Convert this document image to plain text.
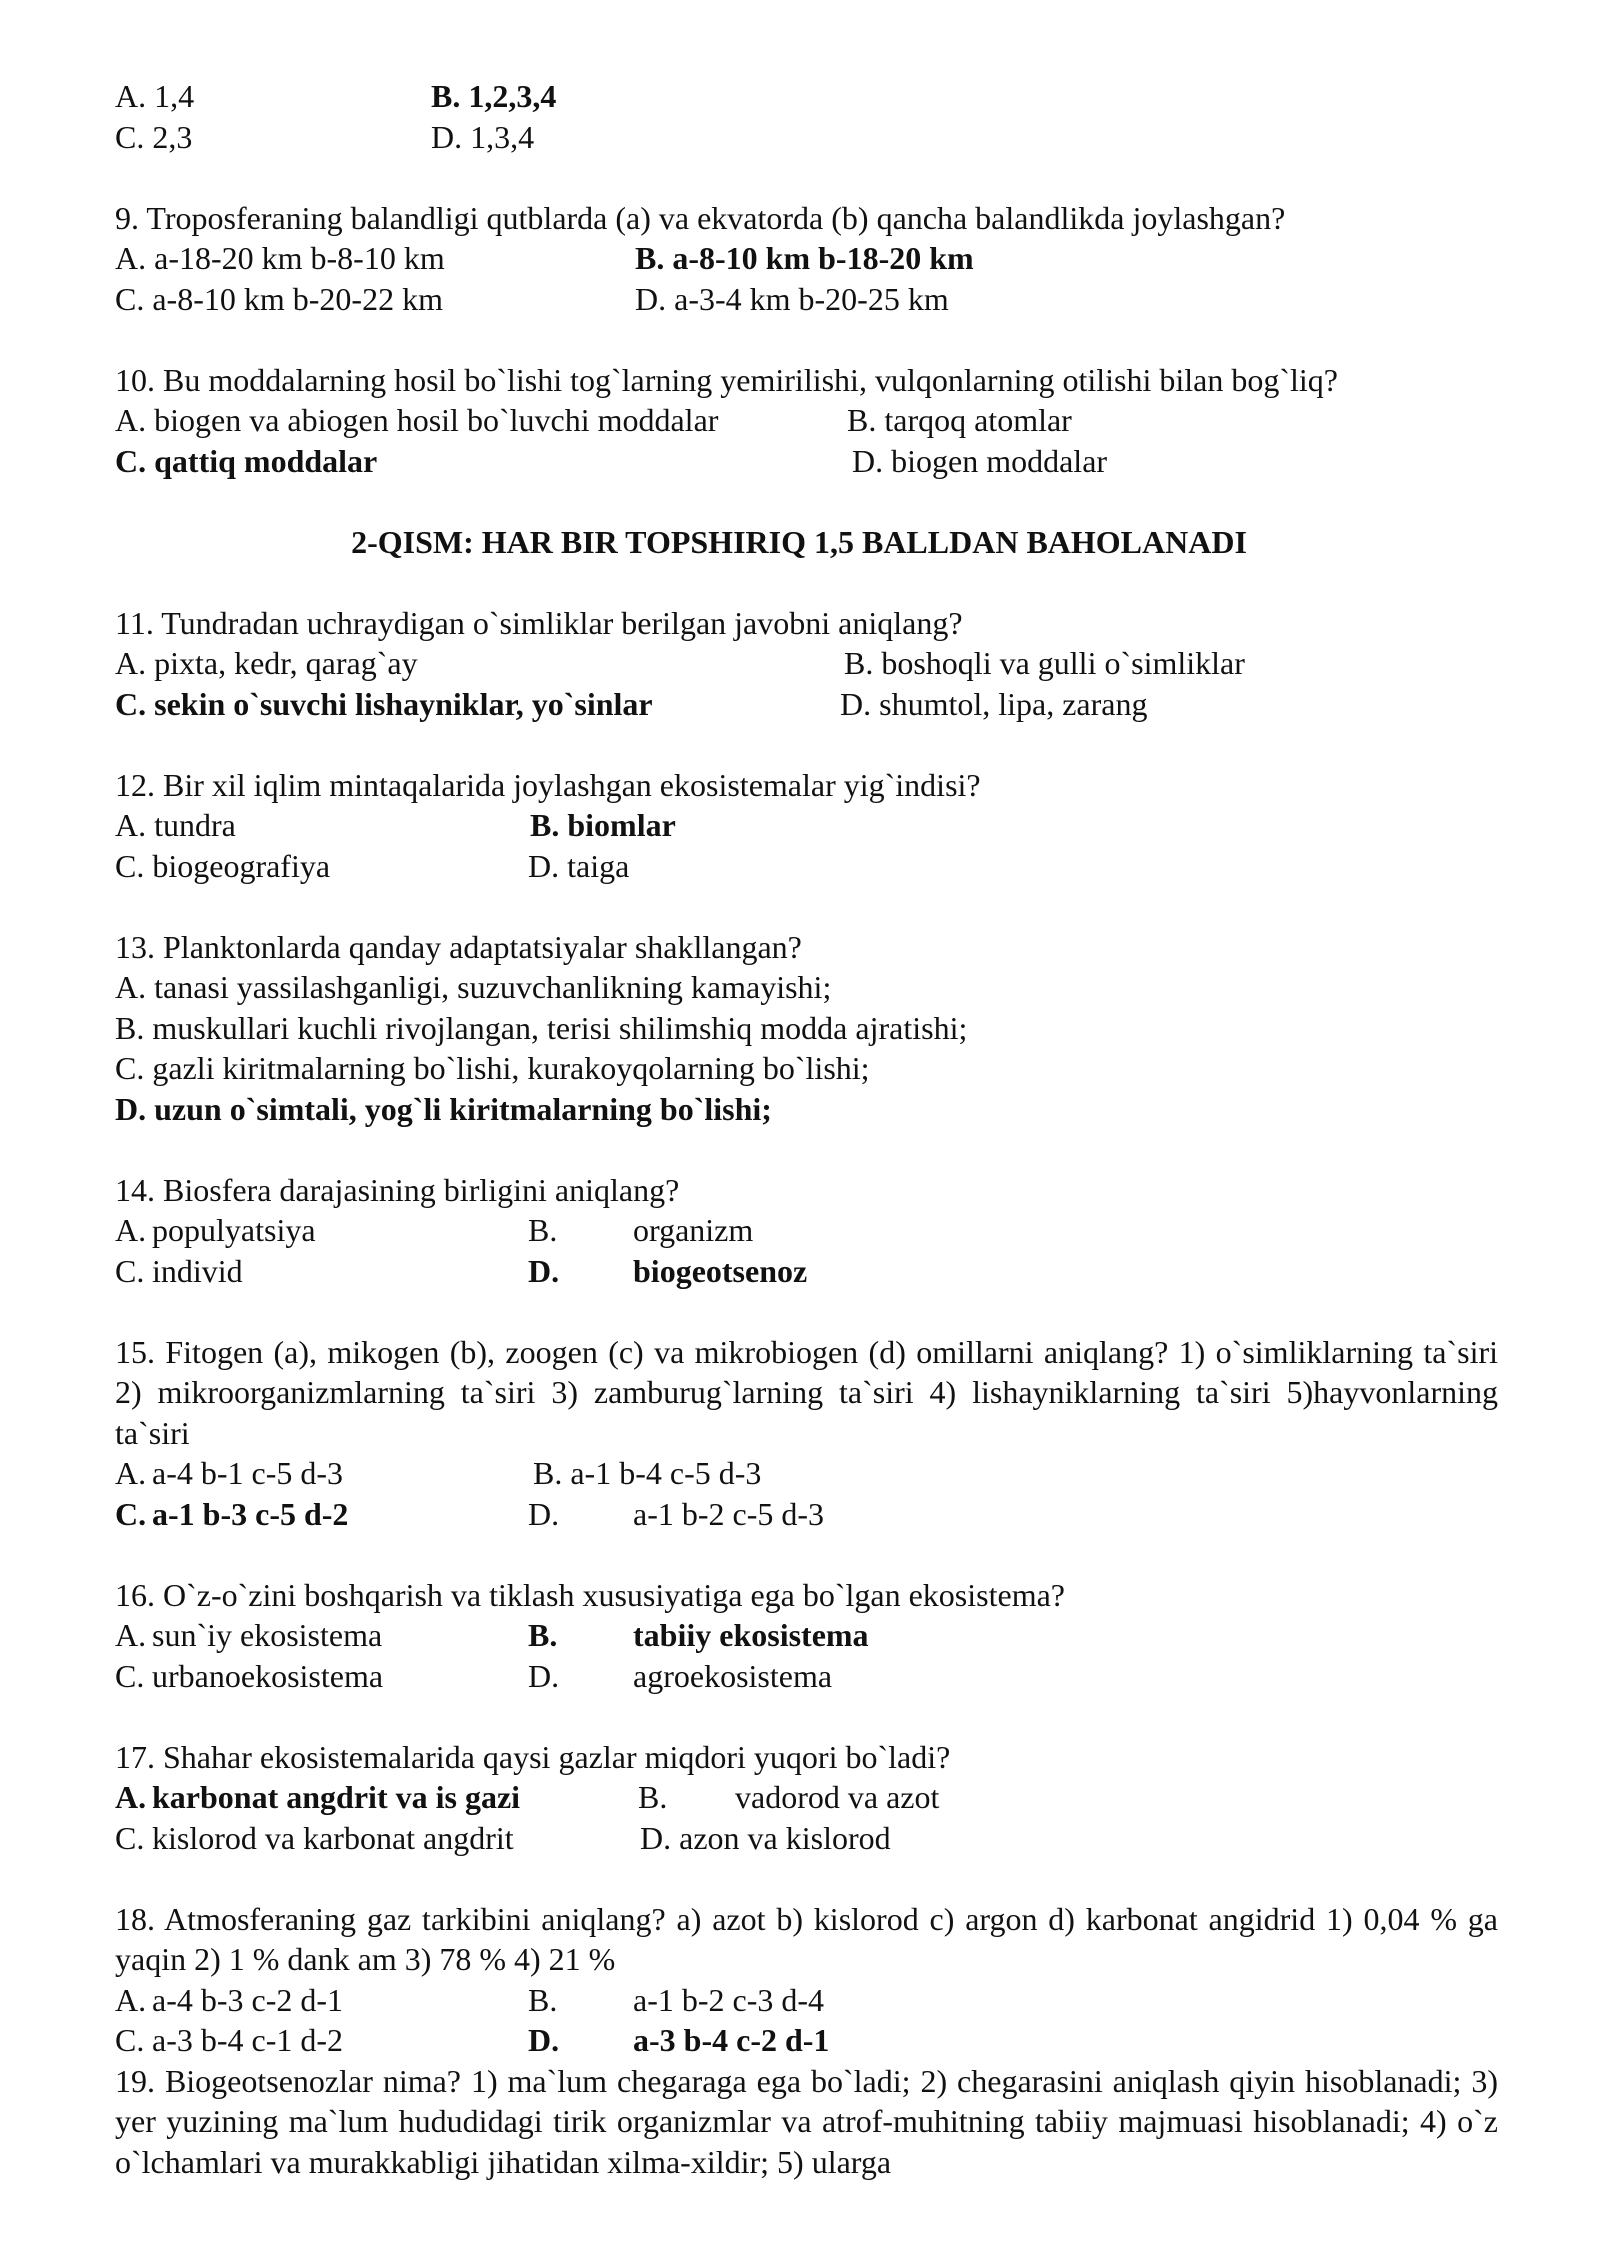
A. 1,4	B. 1,2,3,4
C. 2,3	D. 1,3,4

9. Troposferaning balandligi qutblarda (a) va ekvatorda (b) qancha balandlikda joylashgan?

A. a-18-20 km b-8-10 km	B. a-8-10 km b-18-20 km
C. a-8-10 km b-20-22 km	D. a-3-4 km b-20-25 km

10. Bu moddalarning hosil bo`lishi tog`larning yemirilishi, vulqonlarning otilishi bilan bog`liq?

A. biogen va abiogen hosil bo`luvchi moddalar	B. tarqoq atomlar
C. qattiq moddalar	D. biogen moddalar
2-QISM: HAR BIR TOPSHIRIQ 1,5 BALLDAN BAHOLANADI

11. Tundradan uchraydigan o`simliklar berilgan javobni aniqlang?

A. pixta, kedr, qarag`ay	B. boshoqli va gulli o`simliklar
C. sekin o`suvchi lishayniklar, yo`sinlar	D. shumtol, lipa, zarang

12. Bir xil iqlim mintaqalarida joylashgan ekosistemalar yig`indisi?

A. tundra	B. biomlar
C. biogeografiya	D. taiga

13. Planktonlarda qanday adaptatsiyalar shakllangan?

A. tanasi yassilashganligi, suzuvchanlikning kamayishi;

B. muskullari kuchli rivojlangan, terisi shilimshiq modda ajratishi;

C. gazli kiritmalarning bo`lishi, kurakoyqolarning bo`lishi;

D. uzun o`simtali, yog`li kiritmalarning bo`lishi;

14. Biosfera darajasining birligini aniqlang?

A. populyatsiya	B. organizm
C. individ	D. biogeotsenoz

15. Fitogen (a), mikogen (b), zoogen (c) va mikrobiogen (d) omillarni aniqlang? 1) o`simliklarning ta`siri 2) mikroorganizmlarning ta`siri 3) zamburug`larning ta`siri 4) lishayniklarning ta`siri 5)hayvonlarning ta`siri

A. a-4 b-1 c-5 d-3	B. a-1 b-4 c-5 d-3
C. a-1 b-3 c-5 d-2	D. a-1 b-2 c-5 d-3

16. O`z-o`zini boshqarish va tiklash xususiyatiga ega bo`lgan ekosistema?

A. sun`iy ekosistema	B. tabiiy ekosistema
C. urbanoekosistema	D. agroekosistema

17. Shahar ekosistemalarida qaysi gazlar miqdori yuqori bo`ladi?

A. karbonat angdrit va is gazi	B. vadorod va azot
C. kislorod va karbonat angdrit	D. azon va kislorod

18. Atmosferaning gaz tarkibini aniqlang? a) azot b) kislorod c) argon d) karbonat angidrid 1) 0,04 % ga yaqin 2) 1 % dank am 3) 78 % 4) 21 %

A. a-4 b-3 c-2 d-1	B. a-1 b-2 c-3 d-4
C. a-3 b-4 c-1 d-2	D. a-3 b-4 c-2 d-1

19. Biogeotsenozlar nima? 1) ma`lum chegaraga ega bo`ladi; 2) chegarasini aniqlash qiyin hisoblanadi; 3) yer yuzining ma`lum hududidagi tirik organizmlar va atrof-muhitning tabiiy majmuasi hisoblanadi; 4) o`z o`lchamlari va murakkabligi jihatidan xilma-xildir; 5) ularga
